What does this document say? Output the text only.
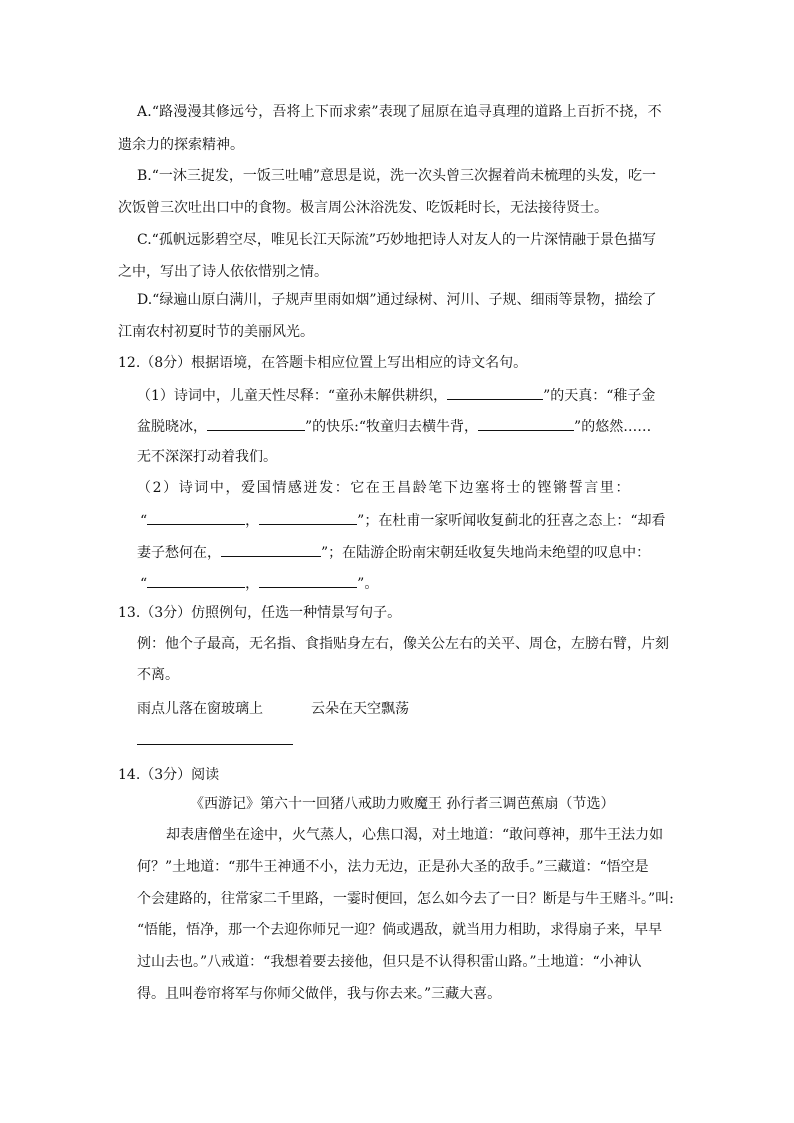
A.“路漫漫其修远兮，吾将上下而求索”表现了屈原在追寻真理的道路上百折不挠，不
遗余力的探索精神。
B.“一沐三捉发，一饭三吐哺”意思是说，洗一次头曾三次握着尚未梳理的头发，吃一
次饭曾三次吐出口中的食物。极言周公沐浴洗发、吃饭耗时长，无法接待贤士。
C.“孤帆远影碧空尽，唯见长江天际流”巧妙地把诗人对友人的一片深情融于景色描写
之中，写出了诗人依依惜别之情。
D.“绿遍山原白满川，子规声里雨如烟”通过绿树、河川、子规、细雨等景物，描绘了
江南农村初夏时节的美丽风光。
12.（8分）根据语境，在答题卡相应位置上写出相应的诗文名句。
（1）诗词中，儿童天性尽释：“童孙未解供耕织，	”的天真：“稚子金
盆脱晓冰，	”的快乐:“牧童归去横牛背，	”的悠然……
无不深深打动着我们。
（2）诗词中，爱国情感迸发：它在王昌龄笔下边塞将士的铿锵誓言里：
“	，	”；在杜甫一家听闻收复蓟北的狂喜之态上：“却看
妻子愁何在，	”；在陆游企盼南宋朝廷收复失地尚未绝望的叹息中：
“	，	”。
13.（3分）仿照例句，任选一种情景写句子。
例：他个子最高，无名指、食指贴身左右，像关公左右的关平、周仓，左膀右臂，片刻
不离。
雨点儿落在窗玻璃上	云朵在天空飘荡
14.（3分）阅读
《西游记》第六十一回猪八戒助力败魔王 孙行者三调芭蕉扇（节选）
却表唐僧坐在途中，火气蒸人，心焦口渴，对土地道：“敢问尊神，那牛王法力如
何？”土地道：“那牛王神通不小，法力无边，正是孙大圣的敌手。”三藏道：“悟空是
个会建路的，往常家二千里路，一霎时便回，怎么如今去了一日？断是与牛王赌斗。”叫:
“悟能，悟净，那一个去迎你师兄一迎？倘或遇敌，就当用力相助，求得扇子来，早早
过山去也。”八戒道：“我想着要去接他，但只是不认得积雷山路。”土地道：“小神认
得。且叫卷帘将军与你师父做伴，我与你去来。”三藏大喜。
